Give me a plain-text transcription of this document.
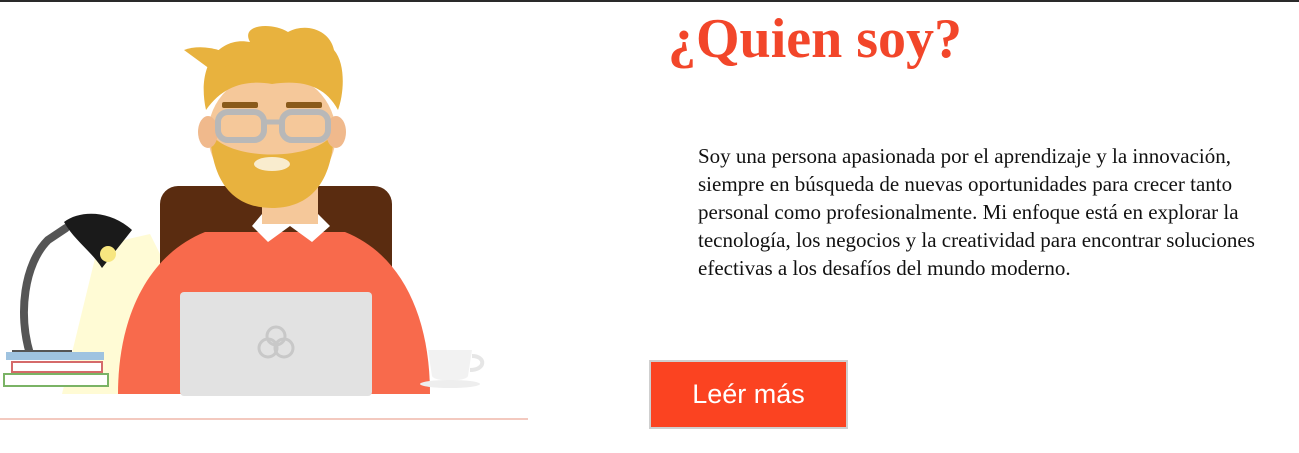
¿Quien soy?

Soy una persona apasionada por el aprendizaje y la innovación, siempre en búsqueda de nuevas oportunidades para crecer tanto personal como profesionalmente. Mi enfoque está en explorar la tecnología, los negocios y la creatividad para encontrar soluciones efectivas a los desafíos del mundo moderno.

Leér más
